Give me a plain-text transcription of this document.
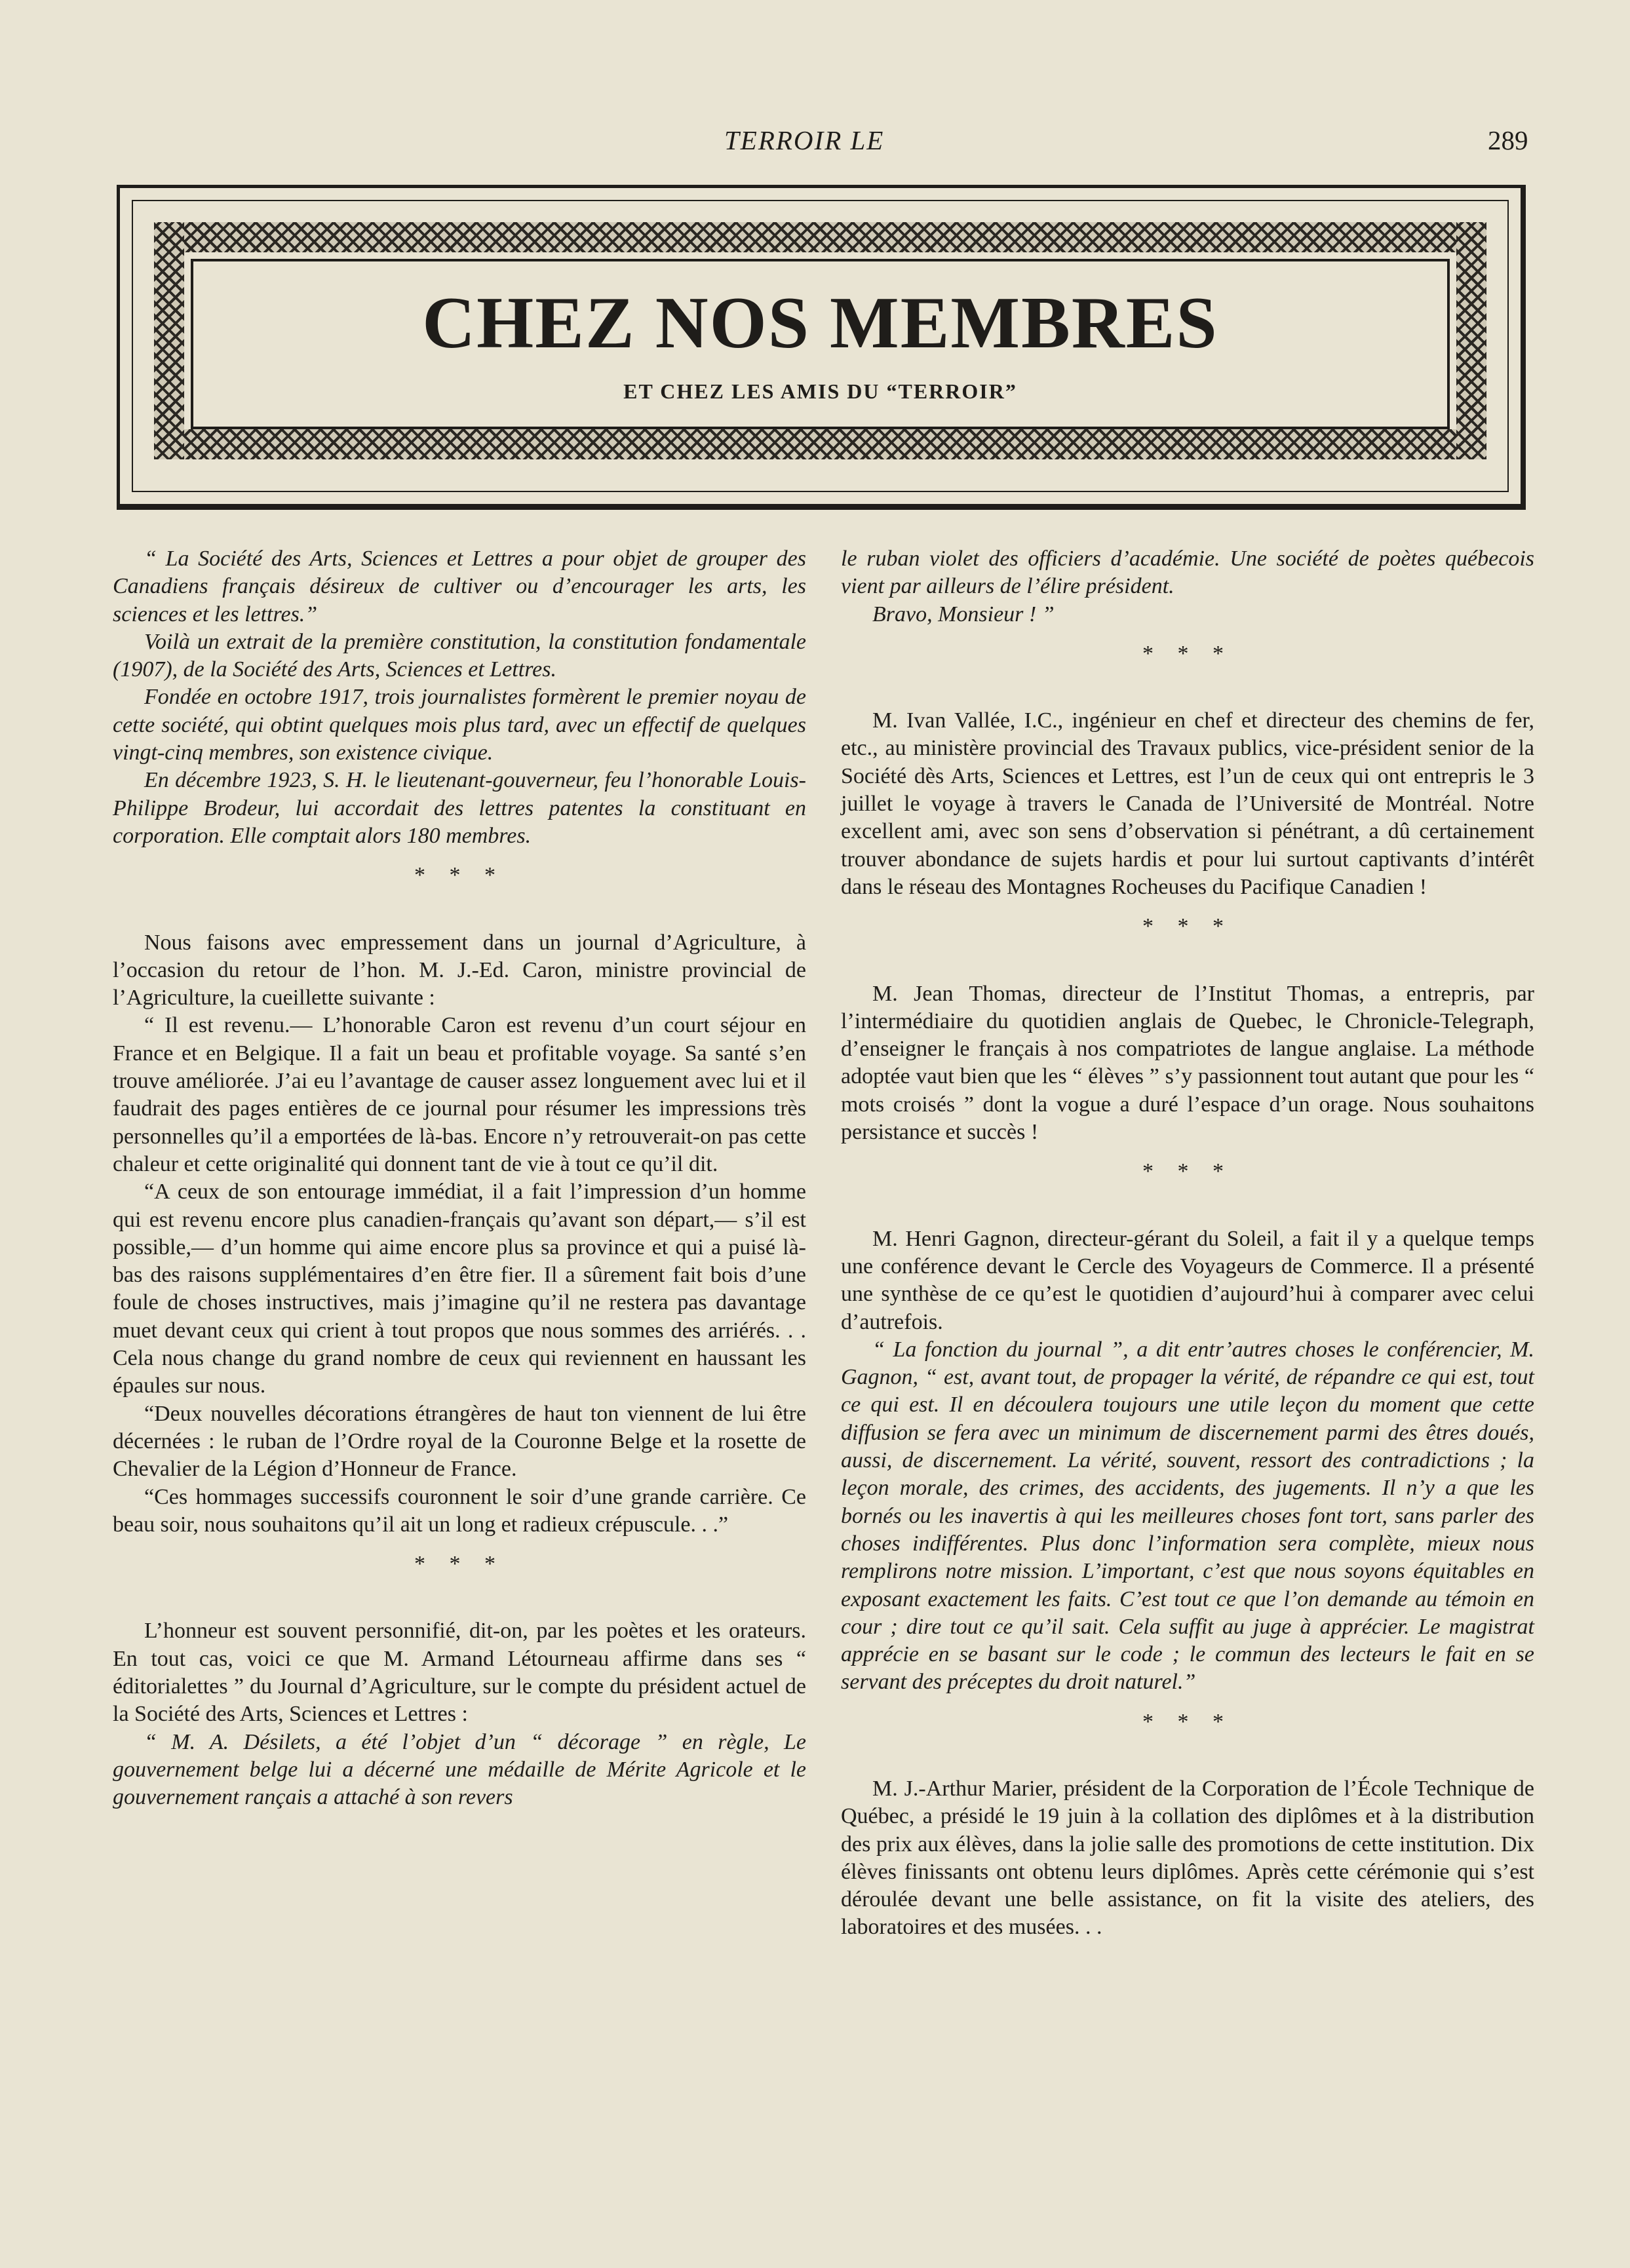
TERROIR LE	289
CHEZ NOS MEMBRES
ET CHEZ LES AMIS DU “TERROIR”

“ La Société des Arts, Sciences et Lettres a pour objet de grouper des Canadiens français désireux de cultiver ou d’encourager les arts, les sciences et les lettres.”

Voilà un extrait de la première constitution, la constitution fondamentale (1907), de la Société des Arts, Sciences et Lettres.

Fondée en octobre 1917, trois journalistes formèrent le premier noyau de cette société, qui obtint quelques mois plus tard, avec un effectif de quelques vingt-cinq membres, son existence civique.

En décembre 1923, S. H. le lieutenant-gouverneur, feu l’honorable Louis-Philippe Brodeur, lui accordait des lettres patentes la constituant en corporation. Elle comptait alors 180 membres.

* * *

Nous faisons avec empressement dans un journal d’Agriculture, à l’occasion du retour de l’hon. M. J.-Ed. Caron, ministre provincial de l’Agriculture, la cueillette suivante :

“ Il est revenu.— L’honorable Caron est revenu d’un court séjour en France et en Belgique. Il a fait un beau et profitable voyage. Sa santé s’en trouve améliorée. J’ai eu l’avantage de causer assez longuement avec lui et il faudrait des pages entières de ce journal pour résumer les impressions très personnelles qu’il a emportées de là-bas. Encore n’y retrouverait-on pas cette chaleur et cette originalité qui donnent tant de vie à tout ce qu’il dit.

“A ceux de son entourage immédiat, il a fait l’impression d’un homme qui est revenu encore plus canadien-français qu’avant son départ,— s’il est possible,— d’un homme qui aime encore plus sa province et qui a puisé là-bas des raisons supplémentaires d’en être fier. Il a sûrement fait bois d’une foule de choses instructives, mais j’imagine qu’il ne restera pas davantage muet devant ceux qui crient à tout propos que nous sommes des arriérés. . . Cela nous change du grand nombre de ceux qui reviennent en haussant les épaules sur nous.

“Deux nouvelles décorations étrangères de haut ton viennent de lui être décernées : le ruban de l’Ordre royal de la Couronne Belge et la rosette de Chevalier de la Légion d’Honneur de France.

“Ces hommages successifs couronnent le soir d’une grande carrière. Ce beau soir, nous souhaitons qu’il ait un long et radieux crépuscule. . .”

* * *

L’honneur est souvent personnifié, dit-on, par les poètes et les orateurs. En tout cas, voici ce que M. Armand Létourneau affirme dans ses “ éditorialettes ” du Journal d’Agriculture, sur le compte du président actuel de la Société des Arts, Sciences et Lettres :

“ M. A. Désilets, a été l’objet d’un “ décorage ” en règle, Le gouvernement belge lui a décerné une médaille de Mérite Agricole et le gouvernement rançais a attaché à son revers

le ruban violet des officiers d’académie. Une société de poètes québecois vient par ailleurs de l’élire président.

Bravo, Monsieur ! ”

* * *

M. Ivan Vallée, I.C., ingénieur en chef et directeur des chemins de fer, etc., au ministère provincial des Travaux publics, vice-président senior de la Société dès Arts, Sciences et Lettres, est l’un de ceux qui ont entrepris le 3 juillet le voyage à travers le Canada de l’Université de Montréal. Notre excellent ami, avec son sens d’observation si pénétrant, a dû certainement trouver abondance de sujets hardis et pour lui surtout captivants d’intérêt dans le réseau des Montagnes Rocheuses du Pacifique Canadien !

* * *

M. Jean Thomas, directeur de l’Institut Thomas, a entrepris, par l’intermédiaire du quotidien anglais de Quebec, le Chronicle-Telegraph, d’enseigner le français à nos compatriotes de langue anglaise. La méthode adoptée vaut bien que les “ élèves ” s’y passionnent tout autant que pour les “ mots croisés ” dont la vogue a duré l’espace d’un orage. Nous souhaitons persistance et succès !

* * *

M. Henri Gagnon, directeur-gérant du Soleil, a fait il y a quelque temps une conférence devant le Cercle des Voyageurs de Commerce. Il a présenté une synthèse de ce qu’est le quotidien d’aujourd’hui à comparer avec celui d’autrefois.

“ La fonction du journal ”, a dit entr’autres choses le conférencier, M. Gagnon, “ est, avant tout, de propager la vérité, de répandre ce qui est, tout ce qui est. Il en découlera toujours une utile leçon du moment que cette diffusion se fera avec un minimum de discernement parmi des êtres doués, aussi, de discernement. La vérité, souvent, ressort des contradictions ; la leçon morale, des crimes, des accidents, des jugements. Il n’y a que les bornés ou les inavertis à qui les meilleures choses font tort, sans parler des choses indifférentes. Plus donc l’information sera complète, mieux nous remplirons notre mission. L’important, c’est que nous soyons équitables en exposant exactement les faits. C’est tout ce que l’on demande au témoin en cour ; dire tout ce qu’il sait. Cela suffit au juge à apprécier. Le magistrat apprécie en se basant sur le code ; le commun des lecteurs le fait en se servant des préceptes du droit naturel.”

* * *

M. J.-Arthur Marier, président de la Corporation de l’École Technique de Québec, a présidé le 19 juin à la collation des diplômes et à la distribution des prix aux élèves, dans la jolie salle des promotions de cette institution. Dix élèves finissants ont obtenu leurs diplômes. Après cette cérémonie qui s’est déroulée devant une belle assistance, on fit la visite des ateliers, des laboratoires et des musées. . .
